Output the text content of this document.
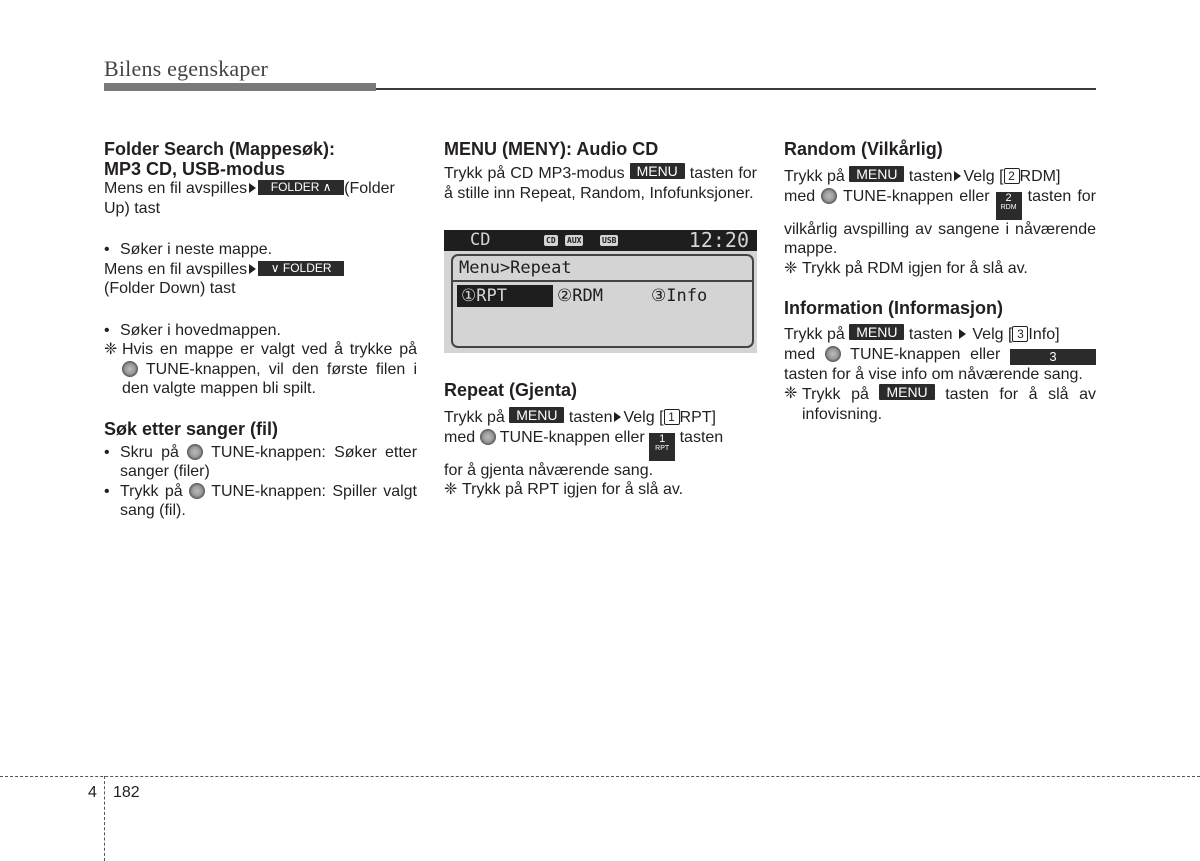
Bilens egenskaper
Folder Search (Mappesøk):
MP3 CD, USB-modus

Mens en fil avspilles FOLDER ∧ (Folder
Up) tast

• Søker i neste mappe.

Mens en fil avspilles ∨ FOLDER
(Folder Down) tast

• Søker i hovedmappen.

❈ Hvis en mappe er valgt ved å trykke på  TUNE-knappen, vil den første filen i den valgte mappen bli spilt.

Søk etter sanger (fil)

• Skru på TUNE-knappen: Søker etter sanger (filer)

• Trykk på TUNE-knappen: Spiller valgt sang (fil).

MENU (MENY): Audio CD

Trykk på CD MP3-modus MENU tasten for å stille inn Repeat, Random, Infofunksjoner.

CD	CD AUX	USB	12:20
Menu>Repeat
①RPT	②RDM	③Info
Repeat (Gjenta)

Trykk på MENU tasten Velg [ 1 RPT]
med TUNE-knappen eller 1
RPT
tasten
for å gjenta nåværende sang.

❈ Trykk på RPT igjen for å slå av.

Random (Vilkårlig)

Trykk på MENU tasten Velg [ 2 RDM]
med TUNE-knappen eller 2
RDM
tasten for vilkårlig avspilling av sangene i nåværende mappe.

❈ Trykk på RDM igjen for å slå av.

Information (Informasjon)

Trykk på MENU tasten Velg [ 3 Info]
med TUNE-knappen eller	3 tasten for å vise info om nåværende sang.

❈ Trykk på MENU tasten for å slå av infovisning.

4 182
